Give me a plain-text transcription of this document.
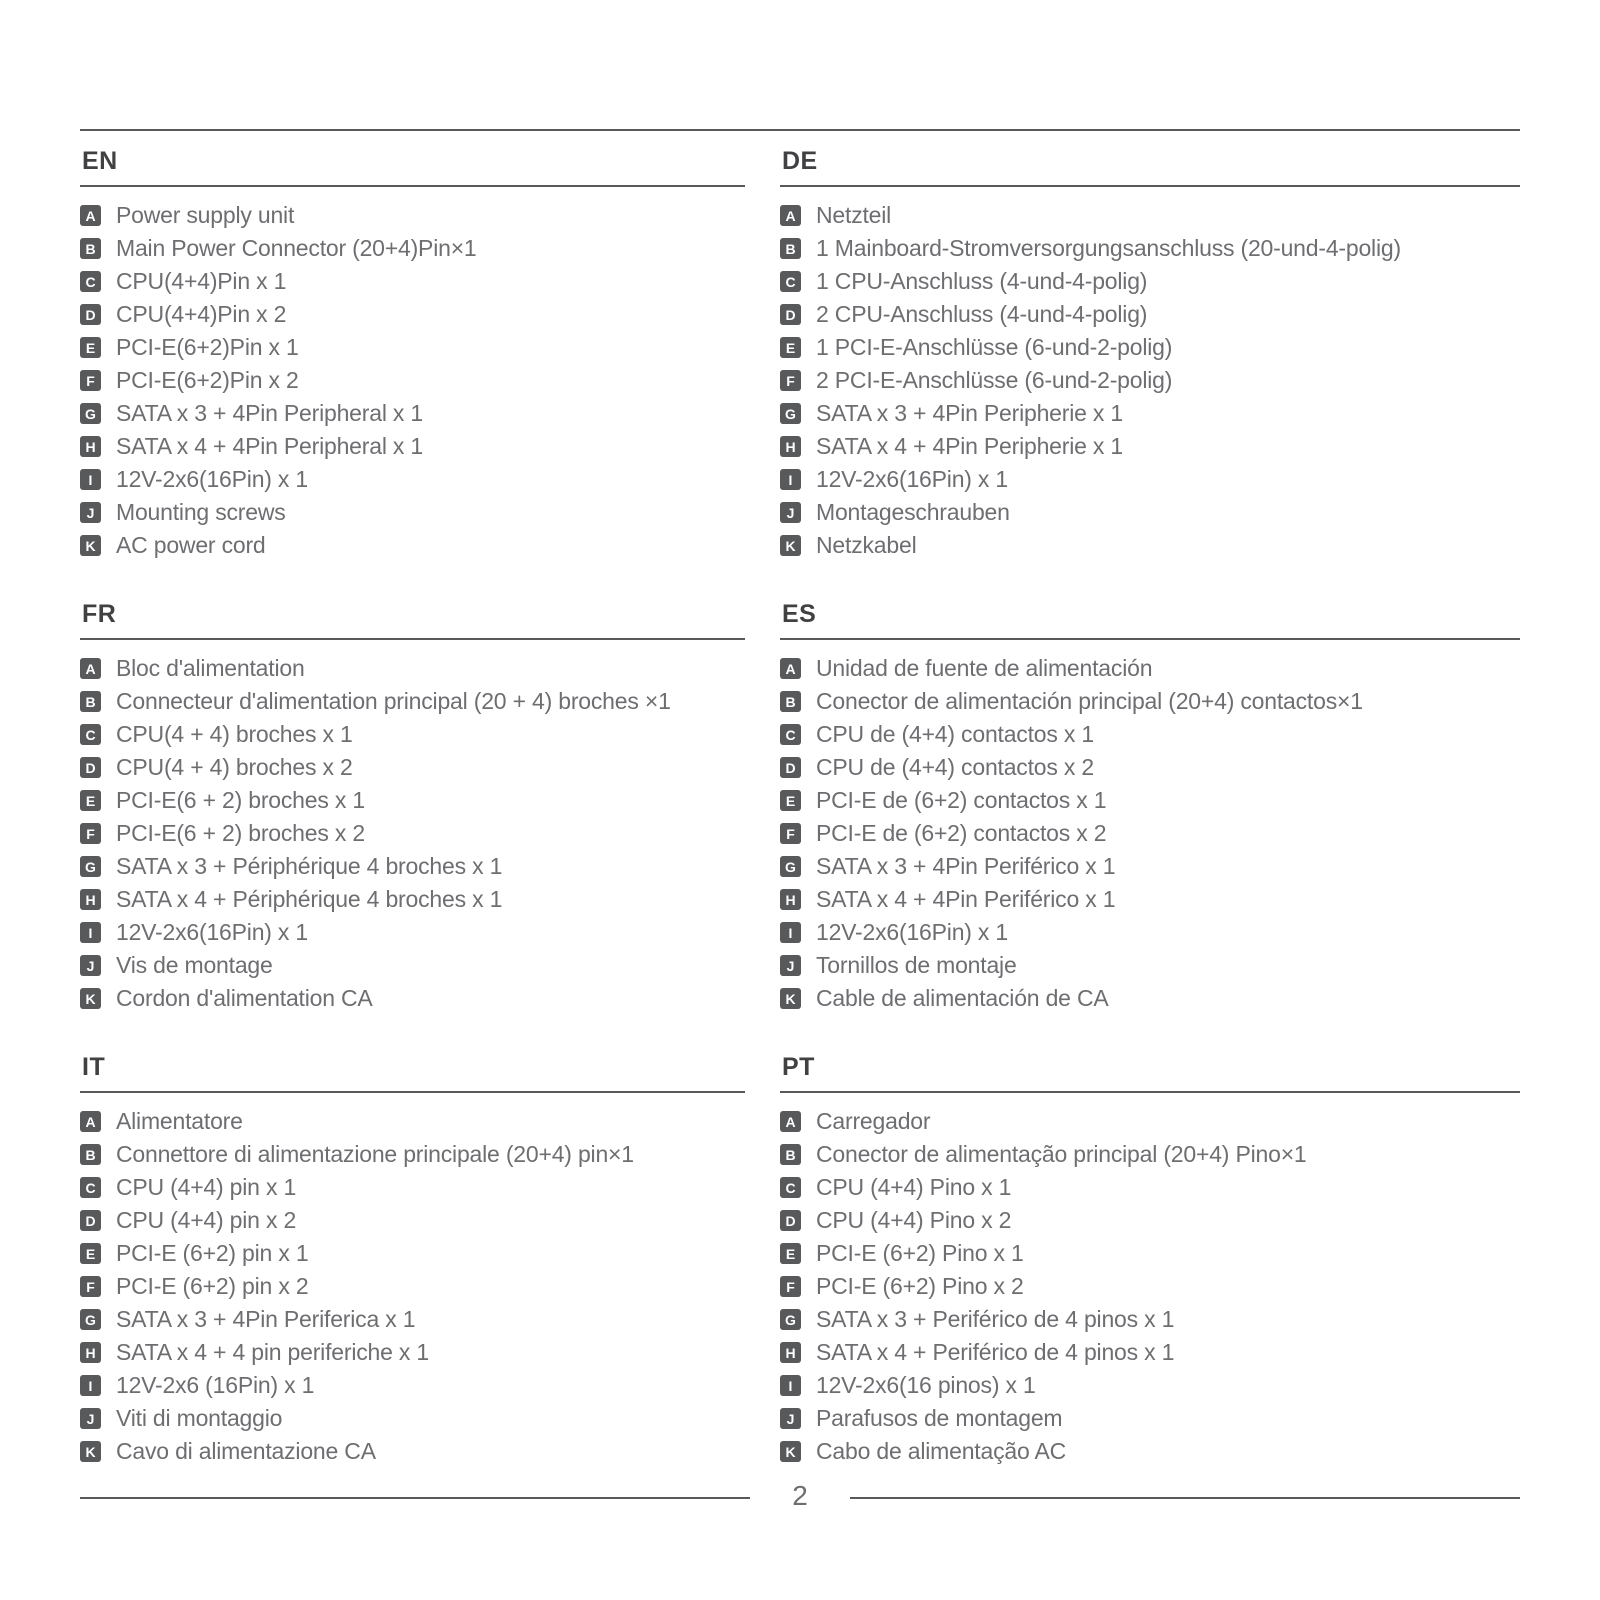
EN
A Power supply unit
B Main Power Connector (20+4)Pin×1
C CPU(4+4)Pin x 1
D CPU(4+4)Pin x 2
E PCI-E(6+2)Pin x 1
F PCI-E(6+2)Pin x 2
G SATA x 3 + 4Pin Peripheral x 1
H SATA x 4 + 4Pin Peripheral x 1
I	12V-2x6(16Pin) x 1
J Mounting screws
K AC power cord
DE
A Netzteil
B 1 Mainboard-Stromversorgungsanschluss (20-und-4-polig)
C 1 CPU-Anschluss (4-und-4-polig)
D 2 CPU-Anschluss (4-und-4-polig)
E 1 PCI-E-Anschlüsse (6-und-2-polig)
F 2 PCI-E-Anschlüsse (6-und-2-polig)
G SATA x 3 + 4Pin Peripherie x 1
H SATA x 4 + 4Pin Peripherie x 1
I	12V-2x6(16Pin) x 1
J Montageschrauben
K Netzkabel
FR
A Bloc d'alimentation
B Connecteur d'alimentation principal (20 + 4) broches ×1
C CPU(4 + 4) broches x 1
D CPU(4 + 4) broches x 2
E PCI-E(6 + 2) broches x 1
F PCI-E(6 + 2) broches x 2
G SATA x 3 + Périphérique 4 broches x 1
H SATA x 4 + Périphérique 4 broches x 1
I	12V-2x6(16Pin) x 1
J Vis de montage
K Cordon d'alimentation CA
ES
A Unidad de fuente de alimentación
B Conector de alimentación principal (20+4) contactos×1
C CPU de (4+4) contactos x 1
D CPU de (4+4) contactos x 2
E PCI-E de (6+2) contactos x 1
F PCI-E de (6+2) contactos x 2
G SATA x 3 + 4Pin Periférico x 1
H SATA x 4 + 4Pin Periférico x 1
I	12V-2x6(16Pin) x 1
J Tornillos de montaje
K Cable de alimentación de CA
IT
A Alimentatore
B Connettore di alimentazione principale (20+4) pin×1
C CPU (4+4) pin x 1
D CPU (4+4) pin x 2
E PCI-E (6+2) pin x 1
F PCI-E (6+2) pin x 2
G SATA x 3 + 4Pin Periferica x 1
H SATA x 4 + 4 pin periferiche x 1
I	12V-2x6 (16Pin) x 1
J Viti di montaggio
K Cavo di alimentazione CA
PT
A Carregador
B Conector de alimentação principal (20+4) Pino×1
C CPU (4+4) Pino x 1
D CPU (4+4) Pino x 2
E PCI-E (6+2) Pino x 1
F PCI-E (6+2) Pino x 2
G SATA x 3 + Periférico de 4 pinos x 1
H SATA x 4 + Periférico de 4 pinos x 1
I	12V-2x6(16 pinos) x 1
J Parafusos de montagem
K Cabo de alimentação AC
2
